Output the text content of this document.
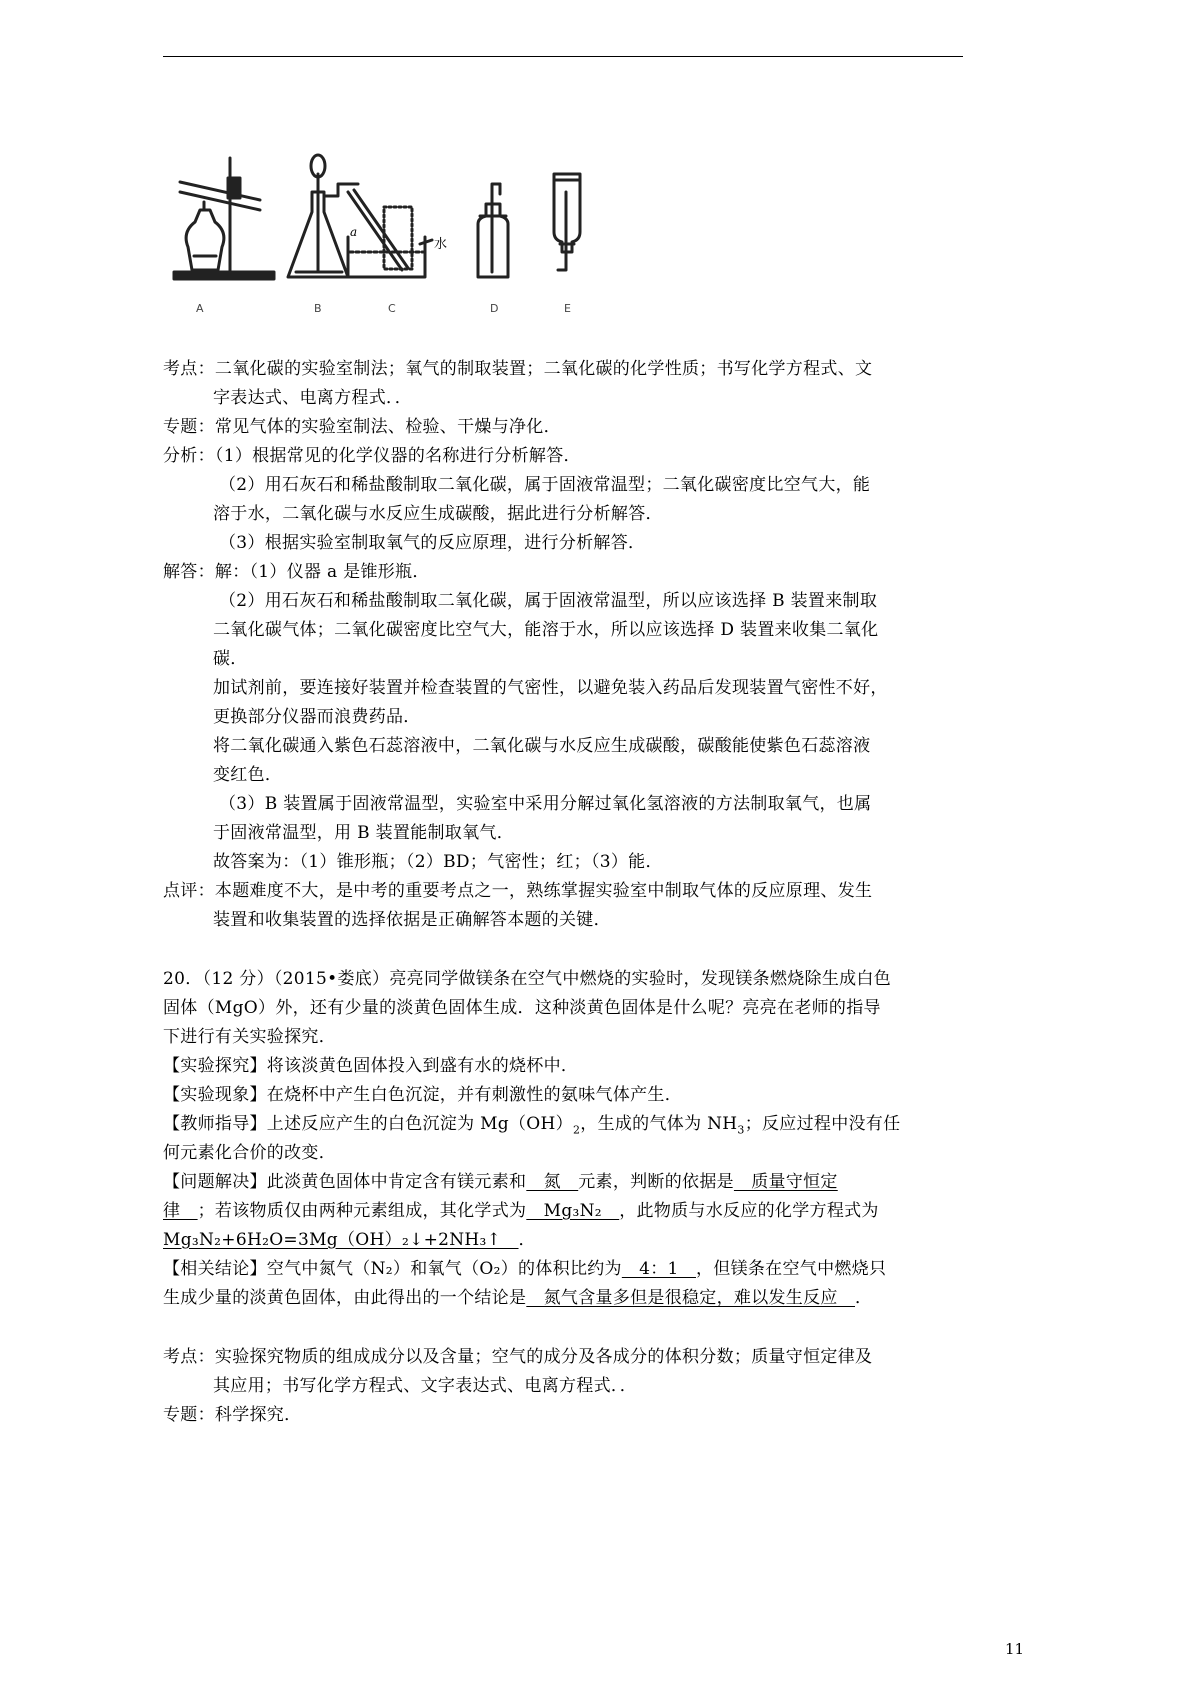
a
水
A	B	C	D	E
考点：二氧化碳的实验室制法；氧气的制取装置；二氧化碳的化学性质；书写化学方程式、文
字表达式、电离方程式．．
专题：常见气体的实验室制法、检验、干燥与净化．
分析：（1）根据常见的化学仪器的名称进行分析解答．
（2）用石灰石和稀盐酸制取二氧化碳，属于固液常温型；二氧化碳密度比空气大，能
溶于水，二氧化碳与水反应生成碳酸，据此进行分析解答．
（3）根据实验室制取氧气的反应原理，进行分析解答．
解答：解：（1）仪器 a 是锥形瓶．
（2）用石灰石和稀盐酸制取二氧化碳，属于固液常温型，所以应该选择 B 装置来制取
二氧化碳气体；二氧化碳密度比空气大，能溶于水，所以应该选择 D 装置来收集二氧化
碳．
加试剂前，要连接好装置并检查装置的气密性，以避免装入药品后发现装置气密性不好，
更换部分仪器而浪费药品．
将二氧化碳通入紫色石蕊溶液中，二氧化碳与水反应生成碳酸，碳酸能使紫色石蕊溶液
变红色．
（3）B 装置属于固液常温型，实验室中采用分解过氧化氢溶液的方法制取氧气，也属
于固液常温型，用 B 装置能制取氧气．
故答案为：（1）锥形瓶；（2）BD；气密性；红；（3）能．
点评：本题难度不大，是中考的重要考点之一，熟练掌握实验室中制取气体的反应原理、发生
装置和收集装置的选择依据是正确解答本题的关键．
20．（12 分）（2015•娄底）亮亮同学做镁条在空气中燃烧的实验时，发现镁条燃烧除生成白色
固体（MgO）外，还有少量的淡黄色固体生成．这种淡黄色固体是什么呢？亮亮在老师的指导
下进行有关实验探究．
【实验探究】将该淡黄色固体投入到盛有水的烧杯中．
【实验现象】在烧杯中产生白色沉淀，并有刺激性的氨味气体产生．
【教师指导】上述反应产生的白色沉淀为 $Mg(OH)_2$，生成的气体为 $NH_3$；反应过程中没有任
何元素化合价的改变．
【问题解决】此淡黄色固体中肯定含有镁元素和　氮　元素，判断的依据是　质量守恒定
律　；若该物质仅由两种元素组成，其化学式为　Mg₃N₂　，此物质与水反应的化学方程式为
Mg₃N₂+6H₂O=3Mg（OH）₂↓+2NH₃↑　．
【相关结论】空气中氮气（N₂）和氧气（O₂）的体积比约为　4：1　，但镁条在空气中燃烧只
生成少量的淡黄色固体，由此得出的一个结论是　氮气含量多但是很稳定，难以发生反应　．
考点：实验探究物质的组成成分以及含量；空气的成分及各成分的体积分数；质量守恒定律及
其应用；书写化学方程式、文字表达式、电离方程式．．
专题：科学探究．
11
